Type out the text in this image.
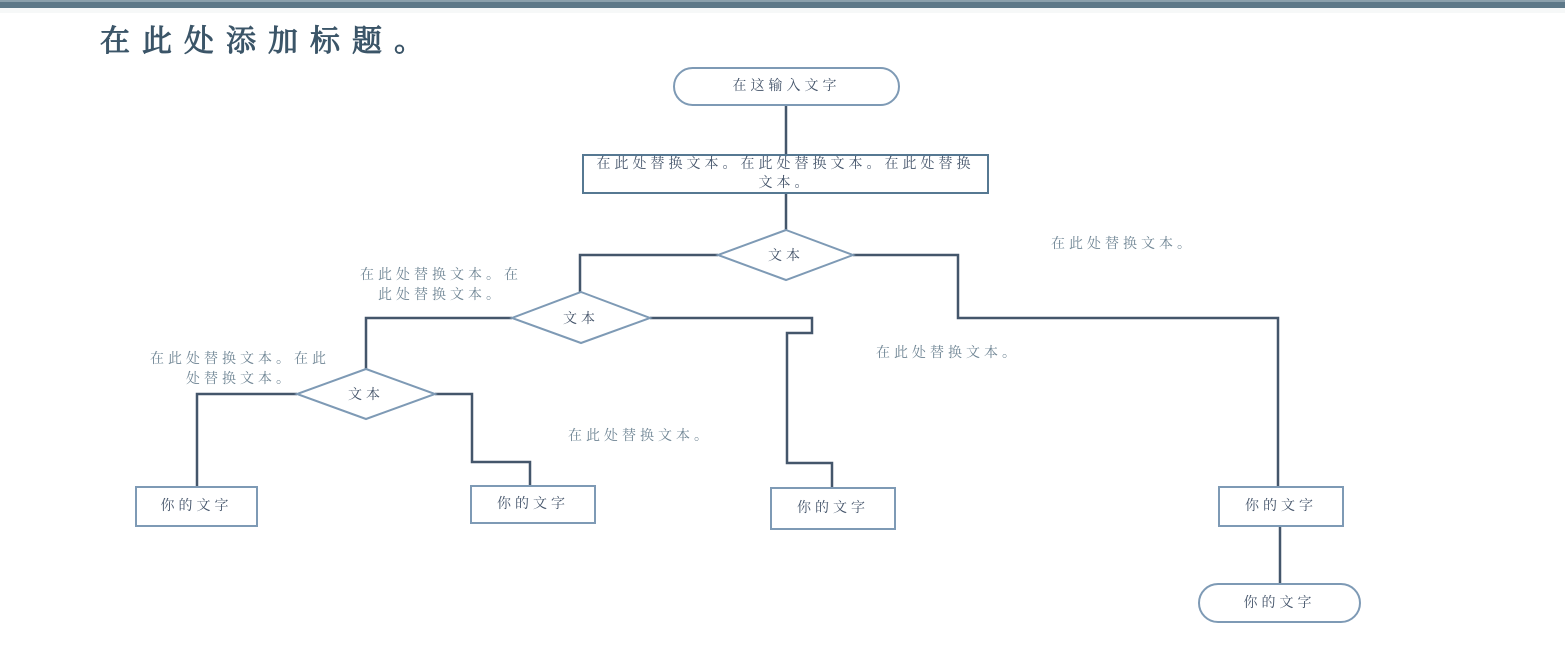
在此处添加标题。
在这输入文字
在此处替换文本。在此处替换文本。在此处替换文本。
文本
文本
文本
你的文字	你的文字	你的文字	你的文字
你的文字
在此处替换文本。
在此处替换文本。在此处替换文本。
在此处替换文本。在此处替换文本。
在此处替换文本。
在此处替换文本。
